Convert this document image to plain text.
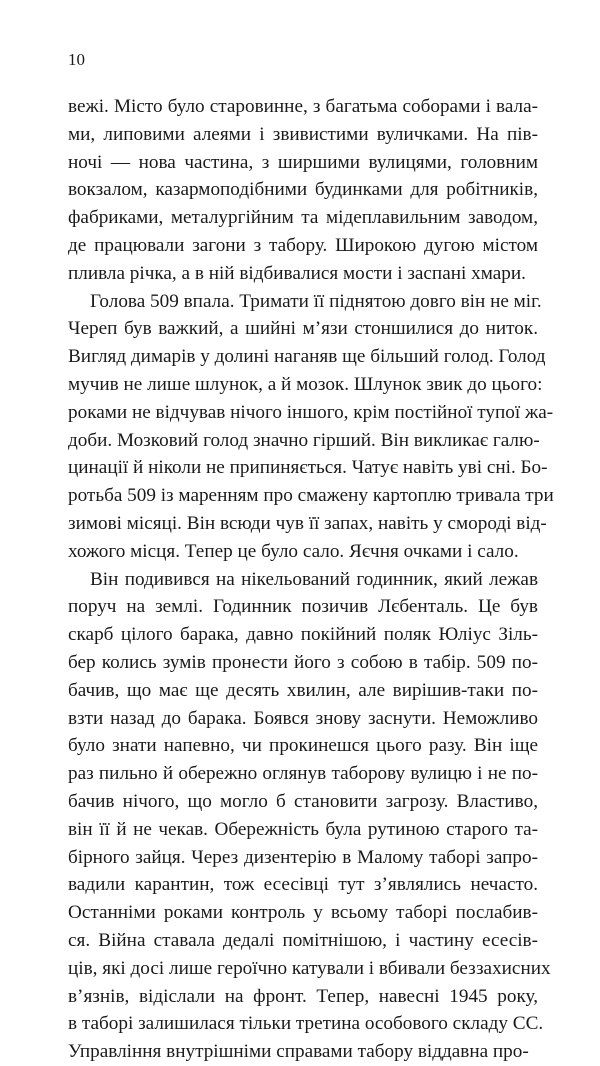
10
вежі. Місто було старовинне, з багатьма соборами і вала-
ми, липовими алеями і звивистими вуличками. На пів-
ночі — нова частина, з ширшими вулицями, головним
вокзалом, казармоподібними будинками для робітників,
фабриками, металургійним та мідеплавильним заводом,
де працювали загони з табору. Широкою дугою містом
пливла річка, а в ній відбивалися мости і заспані хмари.
Голова 509 впала. Тримати її піднятою довго він не міг.
Череп був важкий, а шийні м’язи стоншилися до ниток.
Вигляд димарів у долині наганяв ще більший голод. Голод
мучив не лише шлунок, а й мозок. Шлунок звик до цього:
роками не відчував нічого іншого, крім постійної тупої жа-
доби. Мозковий голод значно гірший. Він викликає галю-
цинації й ніколи не припиняється. Чатує навіть уві сні. Бо-
ротьба 509 із маренням про смажену картоплю тривала три
зимові місяці. Він всюди чув її запах, навіть у смороді від-
хожого місця. Тепер це було сало. Яєчня очками і сало.
Він подивився на нікельований годинник, який лежав
поруч на землі. Годинник позичив Лєбенталь. Це був
скарб цілого барака, давно покійний поляк Юліус Зіль-
бер колись зумів пронести його з собою в табір. 509 по-
бачив, що має ще десять хвилин, але вирішив-таки по-
взти назад до барака. Боявся знову заснути. Неможливо
було знати напевно, чи прокинешся цього разу. Він іще
раз пильно й обережно оглянув таборову вулицю і не по-
бачив нічого, що могло б становити загрозу. Властиво,
він її й не чекав. Обережність була рутиною старого та-
бірного зайця. Через дизентерію в Малому таборі запро-
вадили карантин, тож есесівці тут з’являлись нечасто.
Останніми роками контроль у всьому таборі послабив-
ся. Війна ставала дедалі помітнішою, і частину есесів-
ців, які досі лише героїчно катували і вбивали беззахисних
в’язнів, відіслали на фронт. Тепер, навесні 1945 року,
в таборі залишилася тільки третина особового складу СС.
Управління внутрішніми справами табору віддавна про-
